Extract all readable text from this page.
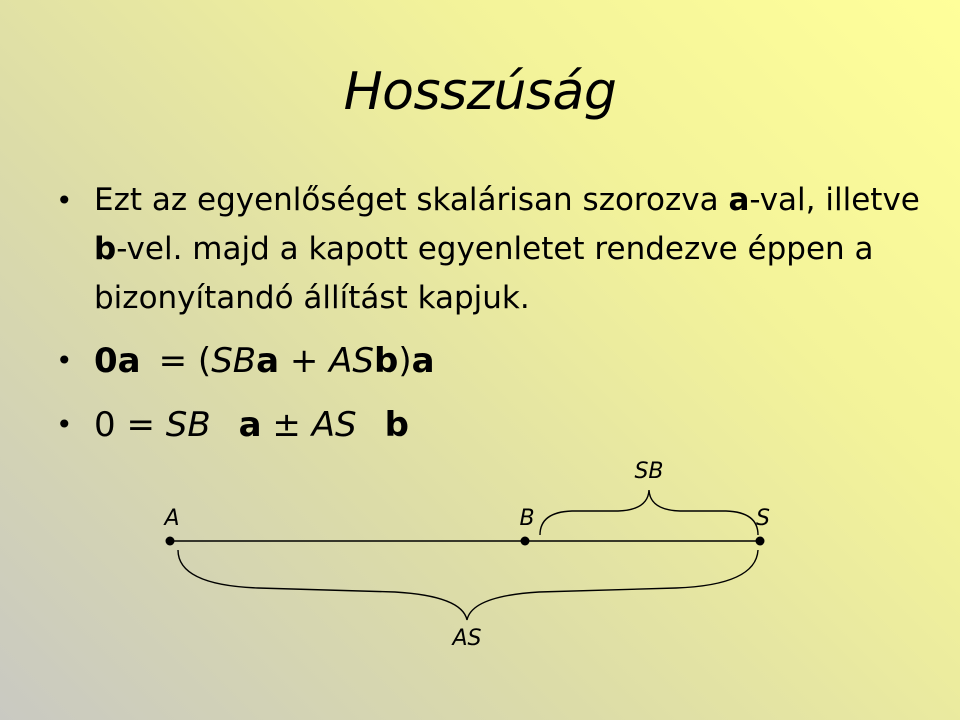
Hosszúság
• Ezt az egyenlőséget skalárisan szorozva a-val, illetve b-vel. majd a kapott egyenletet rendezve éppen a bizonyítandó állítást kapjuk.
• 0a = (SBa + ASb)a
• 0 = SB a ± AS b
A	B	S
SB
AS
